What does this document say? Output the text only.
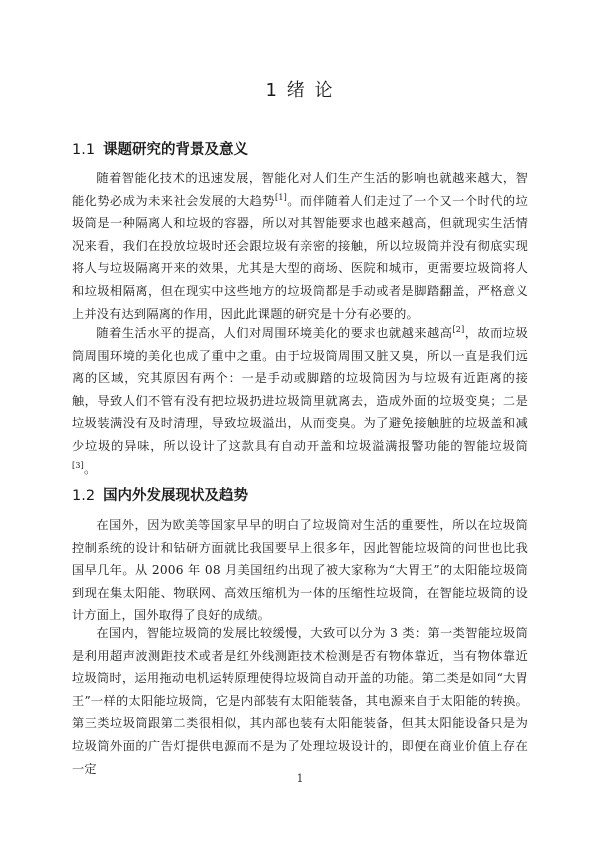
1 绪 论
1.1 课题研究的背景及意义

随着智能化技术的迅速发展，智能化对人们生产生活的影响也就越来越大，智能化势必成为未来社会发展的大趋势[1]。而伴随着人们走过了一个又一个时代的垃圾筒是一种隔离人和垃圾的容器，所以对其智能要求也越来越高，但就现实生活情况来看，我们在投放垃圾时还会跟垃圾有亲密的接触，所以垃圾筒并没有彻底实现将人与垃圾隔离开来的效果，尤其是大型的商场、医院和城市，更需要垃圾筒将人和垃圾相隔离，但在现实中这些地方的垃圾筒都是手动或者是脚踏翻盖，严格意义上并没有达到隔离的作用，因此此课题的研究是十分有必要的。

随着生活水平的提高，人们对周围环境美化的要求也就越来越高[2]，故而垃圾筒周围环境的美化也成了重中之重。由于垃圾筒周围又脏又臭，所以一直是我们远离的区域，究其原因有两个：一是手动或脚踏的垃圾筒因为与垃圾有近距离的接触，导致人们不管有没有把垃圾扔进垃圾筒里就离去，造成外面的垃圾变臭；二是垃圾装满没有及时清理，导致垃圾溢出，从而变臭。为了避免接触脏的垃圾盖和减少垃圾的异味，所以设计了这款具有自动开盖和垃圾溢满报警功能的智能垃圾筒[3]。

1.2 国内外发展现状及趋势

在国外，因为欧美等国家早早的明白了垃圾筒对生活的重要性，所以在垃圾筒控制系统的设计和钻研方面就比我国要早上很多年，因此智能垃圾筒的问世也比我国早几年。从 2006 年 08 月美国纽约出现了被大家称为“大胃王”的太阳能垃圾筒到现在集太阳能、物联网、高效压缩机为一体的压缩性垃圾筒，在智能垃圾筒的设计方面上，国外取得了良好的成绩。

在国内，智能垃圾筒的发展比较缓慢，大致可以分为 3 类：第一类智能垃圾筒是利用超声波测距技术或者是红外线测距技术检测是否有物体靠近，当有物体靠近垃圾筒时，运用拖动电机运转原理使得垃圾筒自动开盖的功能。第二类是如同“大胃王”一样的太阳能垃圾筒，它是内部装有太阳能装备，其电源来自于太阳能的转换。第三类垃圾筒跟第二类很相似，其内部也装有太阳能装备，但其太阳能设备只是为垃圾筒外面的广告灯提供电源而不是为了处理垃圾设计的，即便在商业价值上存在一定

1
